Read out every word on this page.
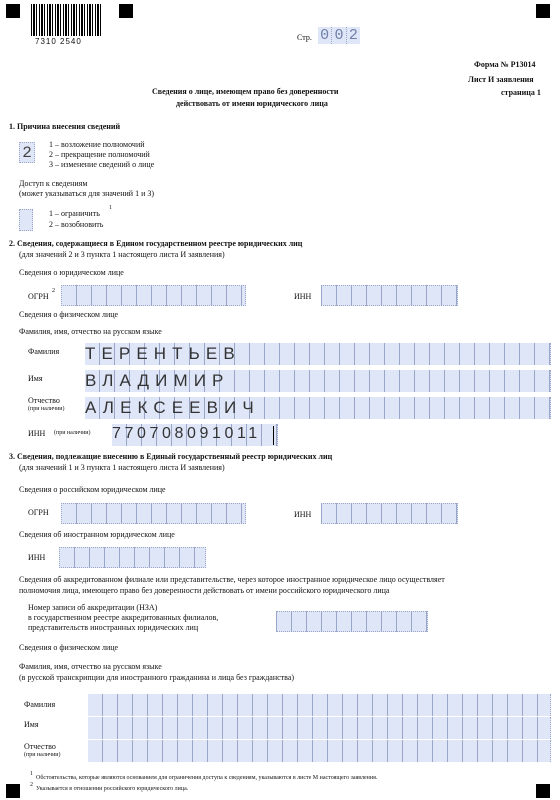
7310 2540	Стр. 0 0 2
Форма № Р13014
Лист И заявления
страница 1
Сведения о лице, имеющем право без доверенности
действовать от имени юридического лица
1. Причина внесения сведений
2	1 – возложение полномочий
2 – прекращение полномочий
3 – изменение сведений о лице
Доступ к сведениям
(может указываться для значений 1 и 3)
1 – ограничить
1
2 – возобновить
2. Сведения, содержащиеся в Едином государственном реестре юридических лиц
(для значений 2 и 3 пункта 1 настоящего листа И заявления)
Сведения о юридическом лице
ОГРН
2
ИНН
Сведения о физическом лице
Фамилия, имя, отчество на русском языке
Фамилия ТЕРЕНТЬЕВ
Имя ВЛАДИМИР
Отчество
(при наличии) АЛЕКСЕЕВИЧ
ИНН (при наличии) 770708091011
3. Сведения, подлежащие внесению в Единый государственный реестр юридических лиц
(для значений 1 и 3 пункта 1 настоящего листа И заявления)
Сведения о российском юридическом лице
ОГРН	ИНН
Сведения об иностранном юридическом лице
ИНН
Сведения об аккредитованном филиале или представительстве, через которое иностранное юридическое лицо осуществляет
полномочия лица, имеющего право без доверенности действовать от имени российского юридического лица
Номер записи об аккредитации (НЗА)
в государственном реестре аккредитованных филиалов,
представительств иностранных юридических лиц
Сведения о физическом лице
Фамилия, имя, отчество на русском языке
(в русской транскрипции для иностранного гражданина и лица без гражданства)
Фамилия
Имя
Отчество
(при наличии)
1
Обстоятельства, которые являются основанием для ограничения доступа к сведениям, указываются в листе М настоящего заявления.
2
Указывается в отношении российского юридического лица.
